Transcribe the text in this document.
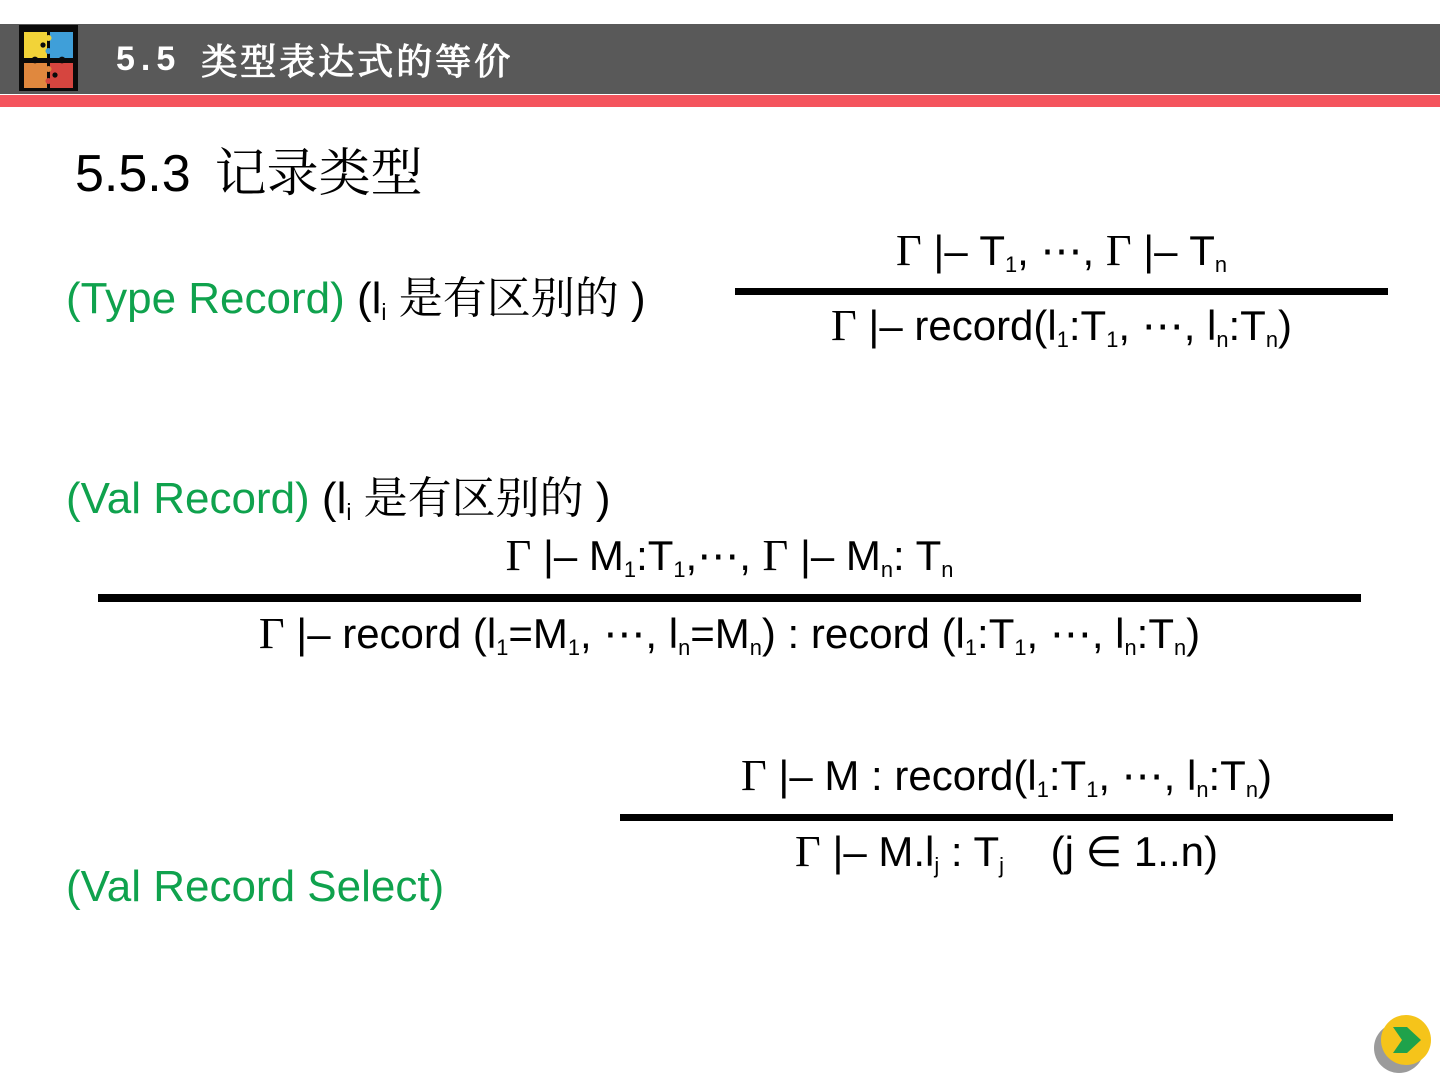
5.5 类型表达式的等价
5.5.3 记录类型
(Type Record) (li 是有区别的 )
Γ |– T1, ⋯, Γ |– Tn
Γ |– record(l1:T1, ⋯, ln:Tn)
(Val Record) (li 是有区别的 )
Γ |– M1:T1,⋯, Γ |– Mn: Tn
Γ |– record (l1=M1, ⋯, ln=Mn) : record (l1:T1, ⋯, ln:Tn)
(Val Record Select)
Γ |– M : record(l1:T1, ⋯, ln:Tn)
Γ |– M.lj : Tj    (j ∈ 1..n)
